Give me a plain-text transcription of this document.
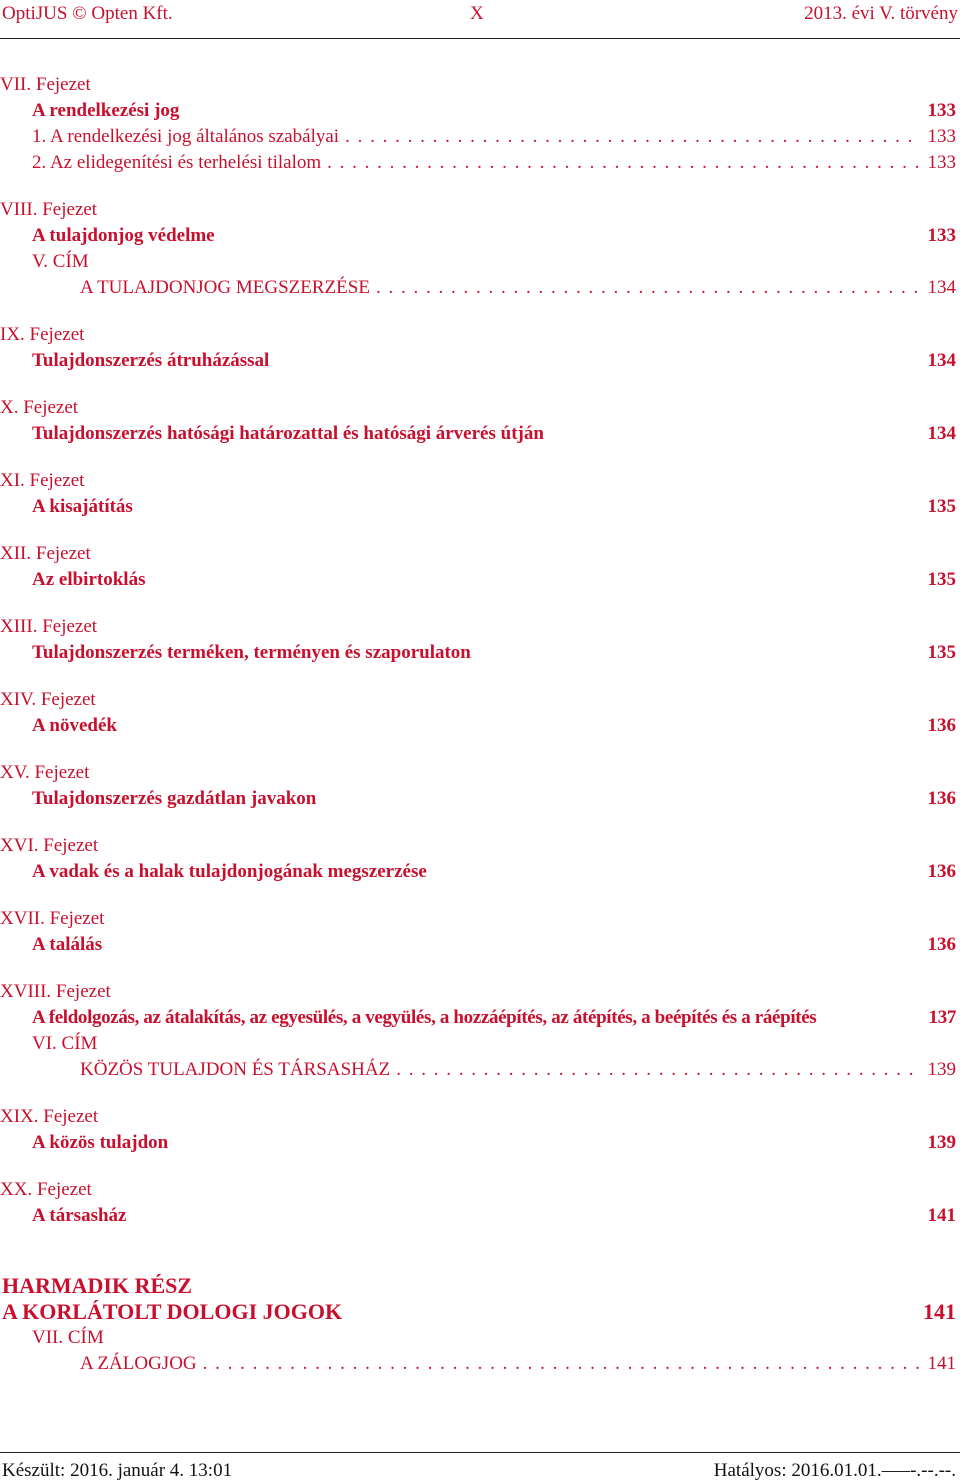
OptiJUS © Opten Kft.	X	2013. évi V. törvény
VII. Fejezet
A rendelkezési jog	133
1. A rendelkezési jog általános szabályai . . .	133
2. Az elidegenítési és terhelési tilalom . . .	133
VIII. Fejezet
A tulajdonjog védelme	133
V. CÍM
A TULAJDONJOG MEGSZERZÉSE . . .	134
IX. Fejezet
Tulajdonszerzés átruházással	134
X. Fejezet
Tulajdonszerzés hatósági határozattal és hatósági árverés útján	134
XI. Fejezet
A kisajátítás	135
XII. Fejezet
Az elbirtoklás	135
XIII. Fejezet
Tulajdonszerzés terméken, terményen és szaporulaton	135
XIV. Fejezet
A növedék	136
XV. Fejezet
Tulajdonszerzés gazdátlan javakon	136
XVI. Fejezet
A vadak és a halak tulajdonjogának megszerzése	136
XVII. Fejezet
A találás	136
XVIII. Fejezet
A feldolgozás, az átalakítás, az egyesülés, a vegyülés, a hozzáépítés, az átépítés, a beépítés és a ráépítés	137
VI. CÍM
KÖZÖS TULAJDON ÉS TÁRSASHÁZ . . .	139
XIX. Fejezet
A közös tulajdon	139
XX. Fejezet
A társasház	141
HARMADIK RÉSZ
A KORLÁTOLT DOLOGI JOGOK	141
VII. CÍM
A ZÁLOGJOG . . .	141
Készült: 2016. január 4. 13:01	Hatályos: 2016.01.01.–––-.--.--.
